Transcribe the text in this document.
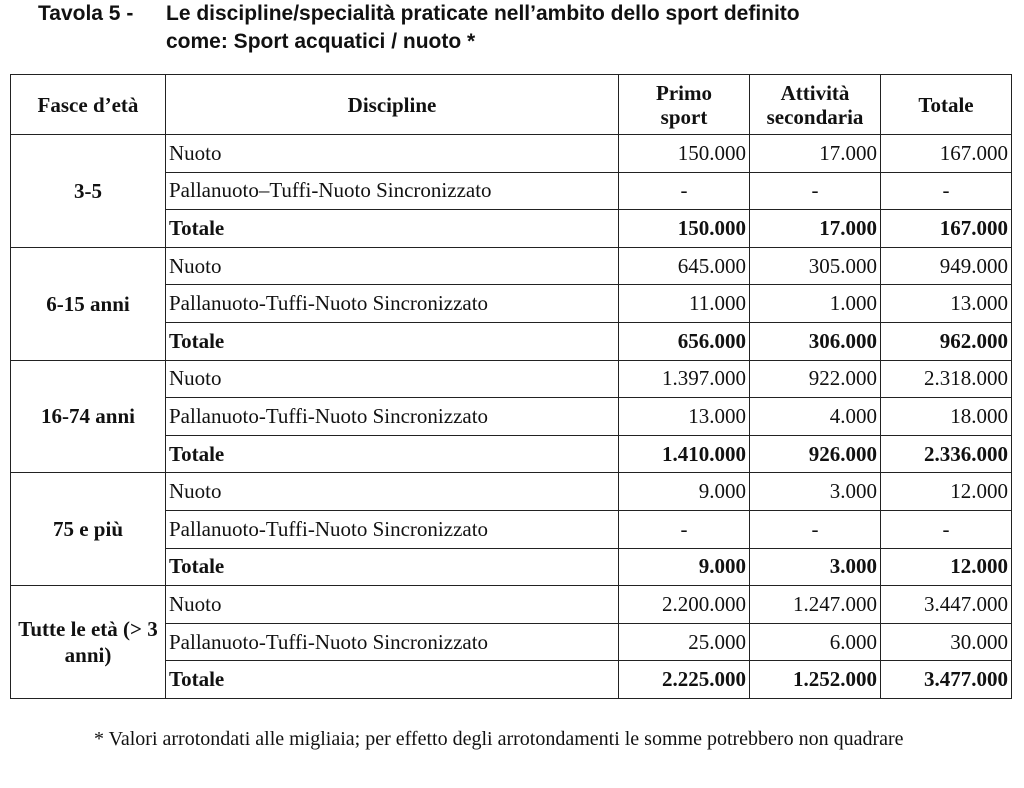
Tavola 5 - Le discipline/specialità praticate nell’ambito dello sport definito
come: Sport acquatici / nuoto *
Fasce d’età	Discipline	Primo sport	Attività secondaria	Totale
3-5	Nuoto	150.000	17.000	167.000
	Pallanuoto–Tuffi-Nuoto Sincronizzato	-	-	-
	Totale	150.000	17.000	167.000
6-15 anni	Nuoto	645.000	305.000	949.000
	Pallanuoto-Tuffi-Nuoto Sincronizzato	11.000	1.000	13.000
	Totale	656.000	306.000	962.000
16-74 anni	Nuoto	1.397.000	922.000	2.318.000
	Pallanuoto-Tuffi-Nuoto Sincronizzato	13.000	4.000	18.000
	Totale	1.410.000	926.000	2.336.000
75 e più	Nuoto	9.000	3.000	12.000
	Pallanuoto-Tuffi-Nuoto Sincronizzato	-	-	-
	Totale	9.000	3.000	12.000
Tutte le età (> 3 anni)	Nuoto	2.200.000	1.247.000	3.447.000
	Pallanuoto-Tuffi-Nuoto Sincronizzato	25.000	6.000	30.000
	Totale	2.225.000	1.252.000	3.477.000
* Valori arrotondati alle migliaia; per effetto degli arrotondamenti le somme potrebbero non quadrare
